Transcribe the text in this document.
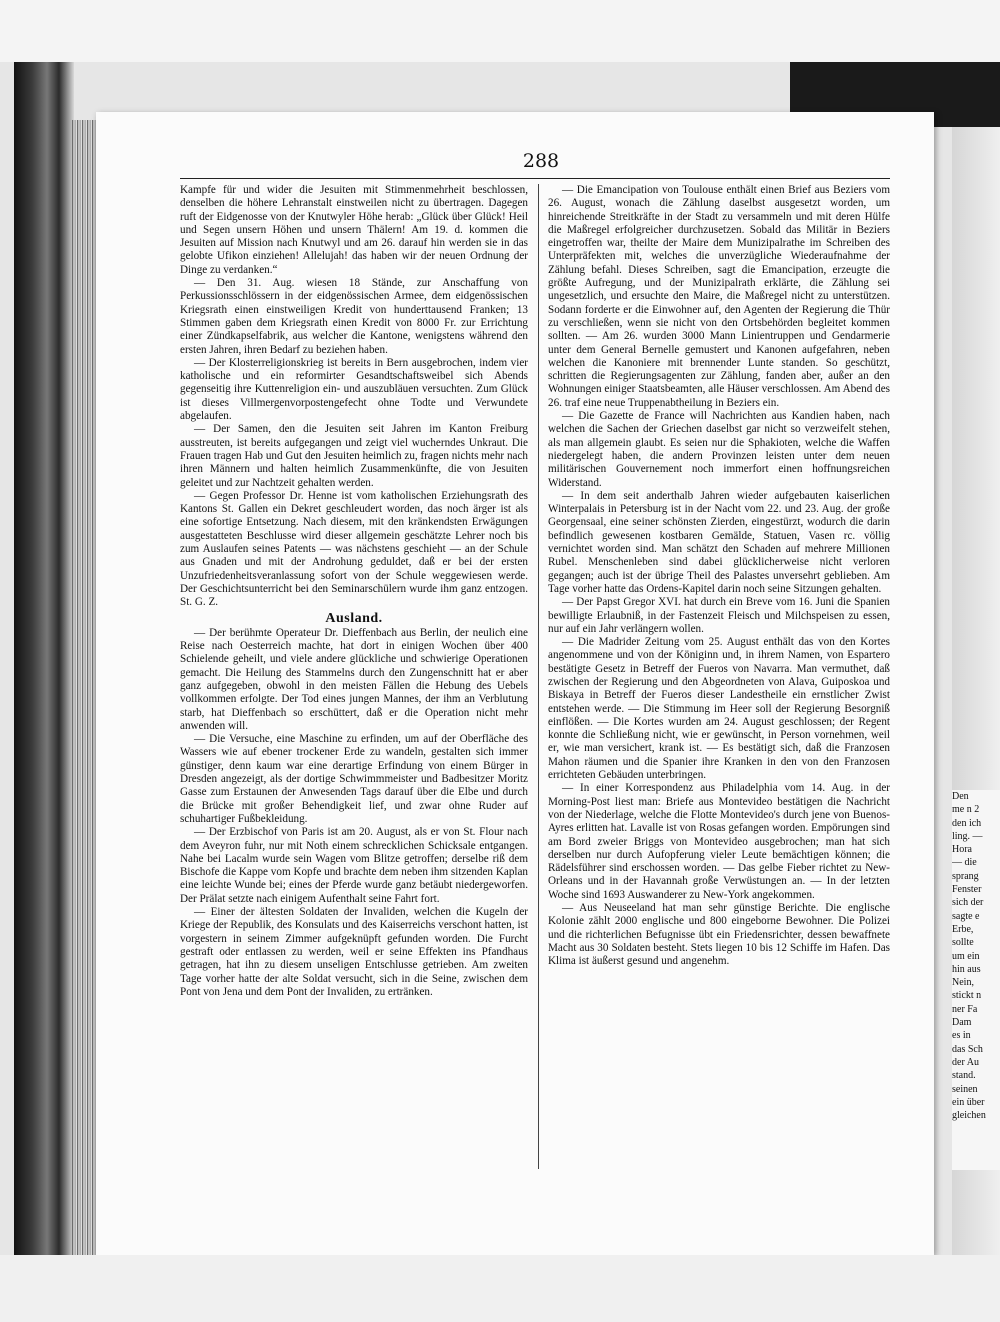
288

Kampfe für und wider die Jesuiten mit Stimmenmehrheit beschlossen, denselben die höhere Lehranstalt einstweilen nicht zu übertragen. Dagegen ruft der Eidgenosse von der Knutwyler Höhe herab: „Glück über Glück! Heil und Segen unsern Höhen und unsern Thälern! Am 19. d. kommen die Jesuiten auf Mission nach Knutwyl und am 26. darauf hin werden sie in das gelobte Ufikon einziehen! Allelujah! das haben wir der neuen Ordnung der Dinge zu verdanken.“

— Den 31. Aug. wiesen 18 Stände, zur Anschaffung von Perkussionsschlössern in der eidgenössischen Armee, dem eidgenössischen Kriegsrath einen einstweiligen Kredit von hunderttausend Franken; 13 Stimmen gaben dem Kriegsrath einen Kredit von 8000 Fr. zur Errichtung einer Zündkapselfabrik, aus welcher die Kantone, wenigstens während den ersten Jahren, ihren Bedarf zu beziehen haben.

— Der Klosterreligionskrieg ist bereits in Bern ausgebrochen, indem vier katholische und ein reformirter Gesandtschaftsweibel sich Abends gegenseitig ihre Kuttenreligion ein- und auszubläuen versuchten. Zum Glück ist dieses Villmergenvorpostengefecht ohne Todte und Verwundete abgelaufen.

— Der Samen, den die Jesuiten seit Jahren im Kanton Freiburg ausstreuten, ist bereits aufgegangen und zeigt viel wucherndes Unkraut. Die Frauen tragen Hab und Gut den Jesuiten heimlich zu, fragen nichts mehr nach ihren Männern und halten heimlich Zusammenkünfte, die von Jesuiten geleitet und zur Nachtzeit gehalten werden.

— Gegen Professor Dr. Henne ist vom katholischen Erziehungsrath des Kantons St. Gallen ein Dekret geschleudert worden, das noch ärger ist als eine sofortige Entsetzung. Nach diesem, mit den kränkendsten Erwägungen ausgestatteten Beschlusse wird dieser allgemein geschätzte Lehrer noch bis zum Auslaufen seines Patents — was nächstens geschieht — an der Schule aus Gnaden und mit der Androhung geduldet, daß er bei der ersten Unzufriedenheitsveranlassung sofort von der Schule weggewiesen werde. Der Geschichtsunterricht bei den Seminarschülern wurde ihm ganz entzogen. St. G. Z.

Ausland.

— Der berühmte Operateur Dr. Dieffenbach aus Berlin, der neulich eine Reise nach Oesterreich machte, hat dort in einigen Wochen über 400 Schielende geheilt, und viele andere glückliche und schwierige Operationen gemacht. Die Heilung des Stammelns durch den Zungenschnitt hat er aber ganz aufgegeben, obwohl in den meisten Fällen die Hebung des Uebels vollkommen erfolgte. Der Tod eines jungen Mannes, der ihm an Verblutung starb, hat Dieffenbach so erschüttert, daß er die Operation nicht mehr anwenden will.

— Die Versuche, eine Maschine zu erfinden, um auf der Oberfläche des Wassers wie auf ebener trockener Erde zu wandeln, gestalten sich immer günstiger, denn kaum war eine derartige Erfindung von einem Bürger in Dresden angezeigt, als der dortige Schwimmmeister und Badbesitzer Moritz Gasse zum Erstaunen der Anwesenden Tags darauf über die Elbe und durch die Brücke mit großer Behendigkeit lief, und zwar ohne Ruder auf schuhartiger Fußbekleidung.

— Der Erzbischof von Paris ist am 20. August, als er von St. Flour nach dem Aveyron fuhr, nur mit Noth einem schrecklichen Schicksale entgangen. Nahe bei Lacalm wurde sein Wagen vom Blitze getroffen; derselbe riß dem Bischofe die Kappe vom Kopfe und brachte dem neben ihm sitzenden Kaplan eine leichte Wunde bei; eines der Pferde wurde ganz betäubt niedergeworfen. Der Prälat setzte nach einigem Aufenthalt seine Fahrt fort.

— Einer der ältesten Soldaten der Invaliden, welchen die Kugeln der Kriege der Republik, des Konsulats und des Kaiserreichs verschont hatten, ist vorgestern in seinem Zimmer aufgeknüpft gefunden worden. Die Furcht gestraft oder entlassen zu werden, weil er seine Effekten ins Pfandhaus getragen, hat ihn zu diesem unseligen Entschlusse getrieben. Am zweiten Tage vorher hatte der alte Soldat versucht, sich in die Seine, zwischen dem Pont von Jena und dem Pont der Invaliden, zu ertränken.

— Die Emancipation von Toulouse enthält einen Brief aus Beziers vom 26. August, wonach die Zählung daselbst ausgesetzt worden, um hinreichende Streitkräfte in der Stadt zu versammeln und mit deren Hülfe die Maßregel erfolgreicher durchzusetzen. Sobald das Militär in Beziers eingetroffen war, theilte der Maire dem Munizipalrathe im Schreiben des Unterpräfekten mit, welches die unverzügliche Wiederaufnahme der Zählung befahl. Dieses Schreiben, sagt die Emancipation, erzeugte die größte Aufregung, und der Munizipalrath erklärte, die Zählung sei ungesetzlich, und ersuchte den Maire, die Maßregel nicht zu unterstützen. Sodann forderte er die Einwohner auf, den Agenten der Regierung die Thür zu verschließen, wenn sie nicht von den Ortsbehörden begleitet kommen sollten. — Am 26. wurden 3000 Mann Linientruppen und Gendarmerie unter dem General Bernelle gemustert und Kanonen aufgefahren, neben welchen die Kanoniere mit brennender Lunte standen. So geschützt, schritten die Regierungsagenten zur Zählung, fanden aber, außer an den Wohnungen einiger Staatsbeamten, alle Häuser verschlossen. Am Abend des 26. traf eine neue Truppenabtheilung in Beziers ein.

— Die Gazette de France will Nachrichten aus Kandien haben, nach welchen die Sachen der Griechen daselbst gar nicht so verzweifelt stehen, als man allgemein glaubt. Es seien nur die Sphakioten, welche die Waffen niedergelegt haben, die andern Provinzen leisten unter dem neuen militärischen Gouvernement noch immerfort einen hoffnungsreichen Widerstand.

— In dem seit anderthalb Jahren wieder aufgebauten kaiserlichen Winterpalais in Petersburg ist in der Nacht vom 22. und 23. Aug. der große Georgensaal, eine seiner schönsten Zierden, eingestürzt, wodurch die darin befindlich gewesenen kostbaren Gemälde, Statuen, Vasen rc. völlig vernichtet worden sind. Man schätzt den Schaden auf mehrere Millionen Rubel. Menschenleben sind dabei glücklicherweise nicht verloren gegangen; auch ist der übrige Theil des Palastes unversehrt geblieben. Am Tage vorher hatte das Ordens-Kapitel darin noch seine Sitzungen gehalten.

— Der Papst Gregor XVI. hat durch ein Breve vom 16. Juni die Spanien bewilligte Erlaubniß, in der Fastenzeit Fleisch und Milchspeisen zu essen, nur auf ein Jahr verlängern wollen.

— Die Madrider Zeitung vom 25. August enthält das von den Kortes angenommene und von der Königinn und, in ihrem Namen, von Espartero bestätigte Gesetz in Betreff der Fueros von Navarra. Man vermuthet, daß zwischen der Regierung und den Abgeordneten von Alava, Guiposkoa und Biskaya in Betreff der Fueros dieser Landestheile ein ernstlicher Zwist entstehen werde. — Die Stimmung im Heer soll der Regierung Besorgniß einflößen. — Die Kortes wurden am 24. August geschlossen; der Regent konnte die Schließung nicht, wie er gewünscht, in Person vornehmen, weil er, wie man versichert, krank ist. — Es bestätigt sich, daß die Franzosen Mahon räumen und die Spanier ihre Kranken in den von den Franzosen errichteten Gebäuden unterbringen.

— In einer Korrespondenz aus Philadelphia vom 14. Aug. in der Morning-Post liest man: Briefe aus Montevideo bestätigen die Nachricht von der Niederlage, welche die Flotte Montevideo's durch jene von Buenos-Ayres erlitten hat. Lavalle ist von Rosas gefangen worden. Empörungen sind am Bord zweier Briggs von Montevideo ausgebrochen; man hat sich derselben nur durch Aufopferung vieler Leute bemächtigen können; die Rädelsführer sind erschossen worden. — Das gelbe Fieber richtet zu New-Orleans und in der Havannah große Verwüstungen an. — In der letzten Woche sind 1693 Auswanderer zu New-York angekommen.

— Aus Neuseeland hat man sehr günstige Berichte. Die englische Kolonie zählt 2000 englische und 800 eingeborne Bewohner. Die Polizei und die richterlichen Befugnisse übt ein Friedensrichter, dessen bewaffnete Macht aus 30 Soldaten besteht. Stets liegen 10 bis 12 Schiffe im Hafen. Das Klima ist äußerst gesund und angenehm.

Den
me n 2
den ich
ling. —
Hora
— die
sprang
Fenster
sich der
sagte e
Erbe,
sollte
um ein
hin aus
Nein,
stickt n
ner Fa
Dam
es in
das Sch
der Au
stand.
seinen
ein über
gleichen
